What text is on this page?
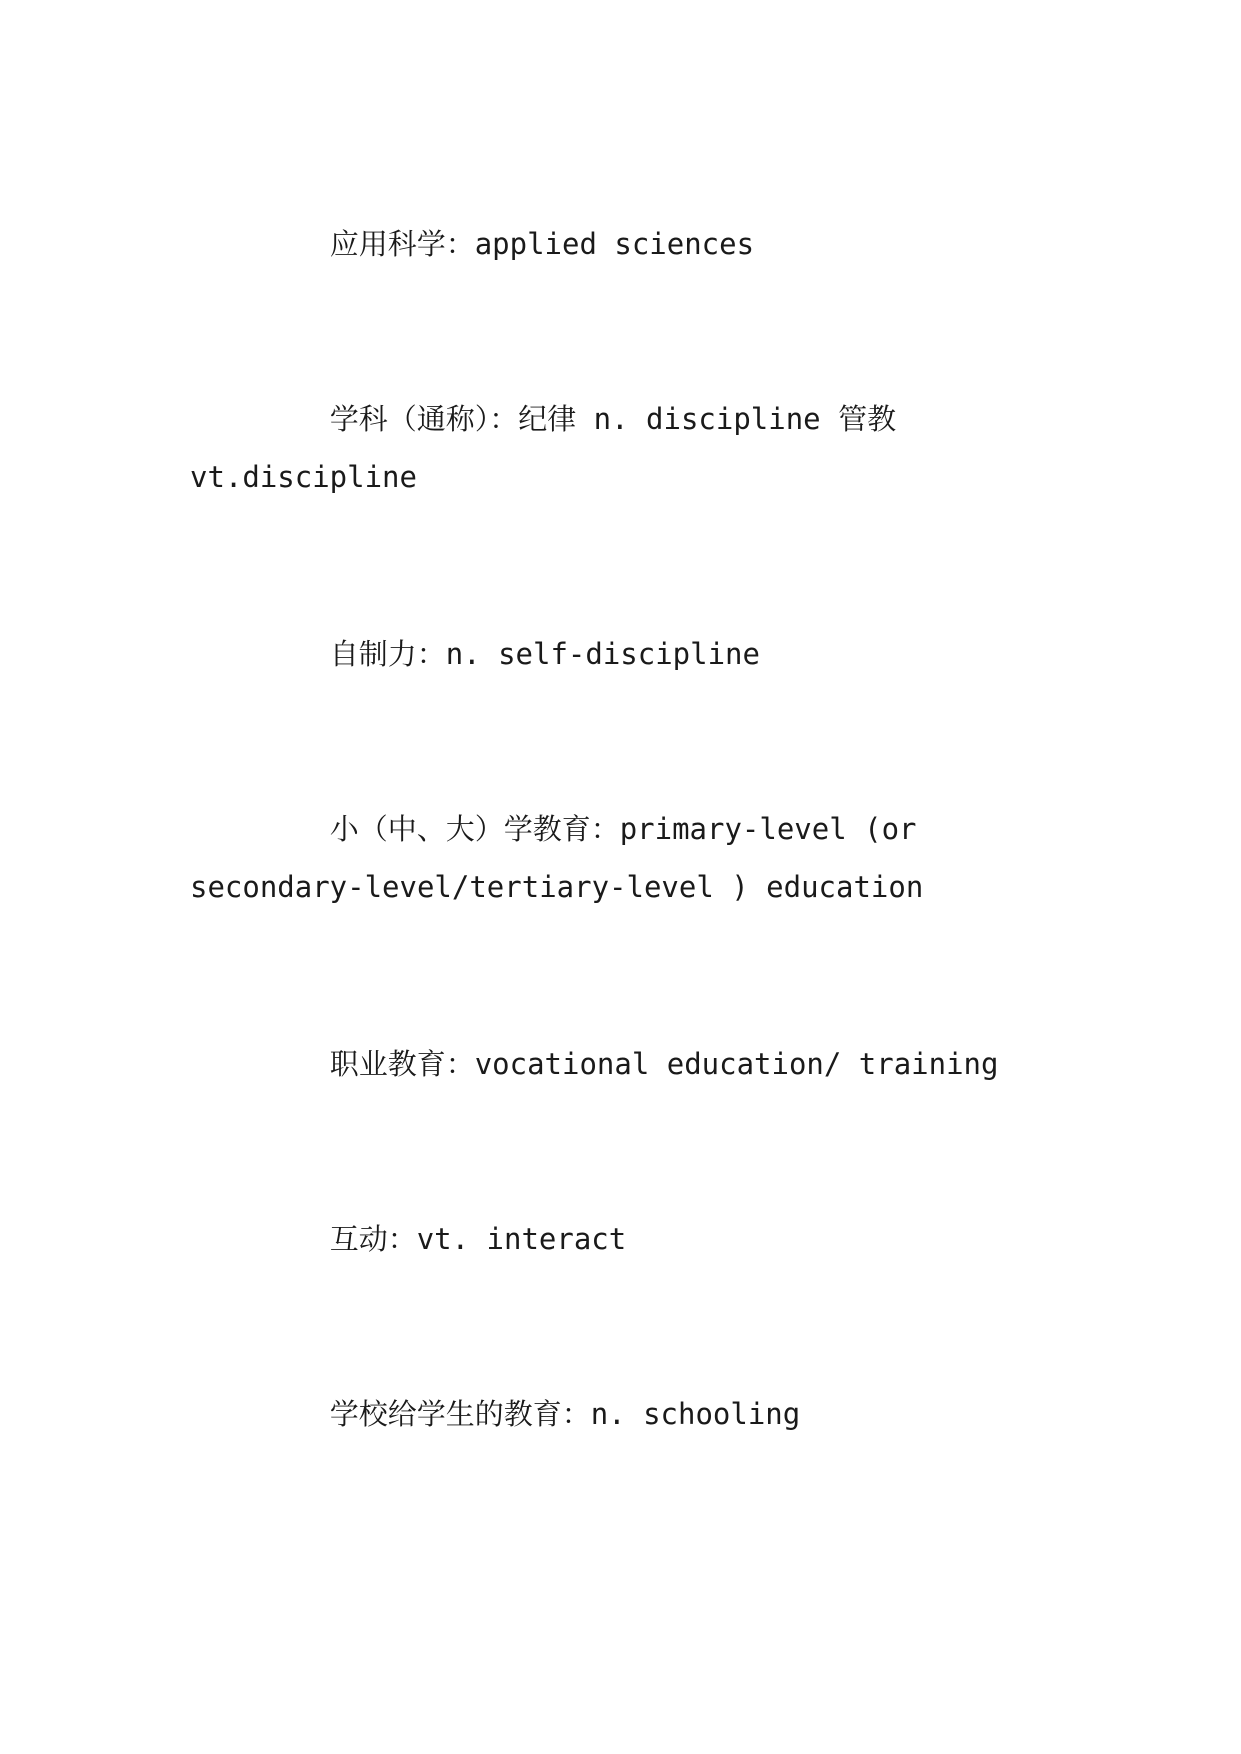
应用科学：applied sciences

学科（通称）：纪律 n. discipline 管教 vt.discipline

自制力：n. self-discipline

小（中、大）学教育：primary-level (or secondary-level/tertiary-level ) education

职业教育：vocational education/ training

互动：vt. interact

学校给学生的教育：n. schooling
